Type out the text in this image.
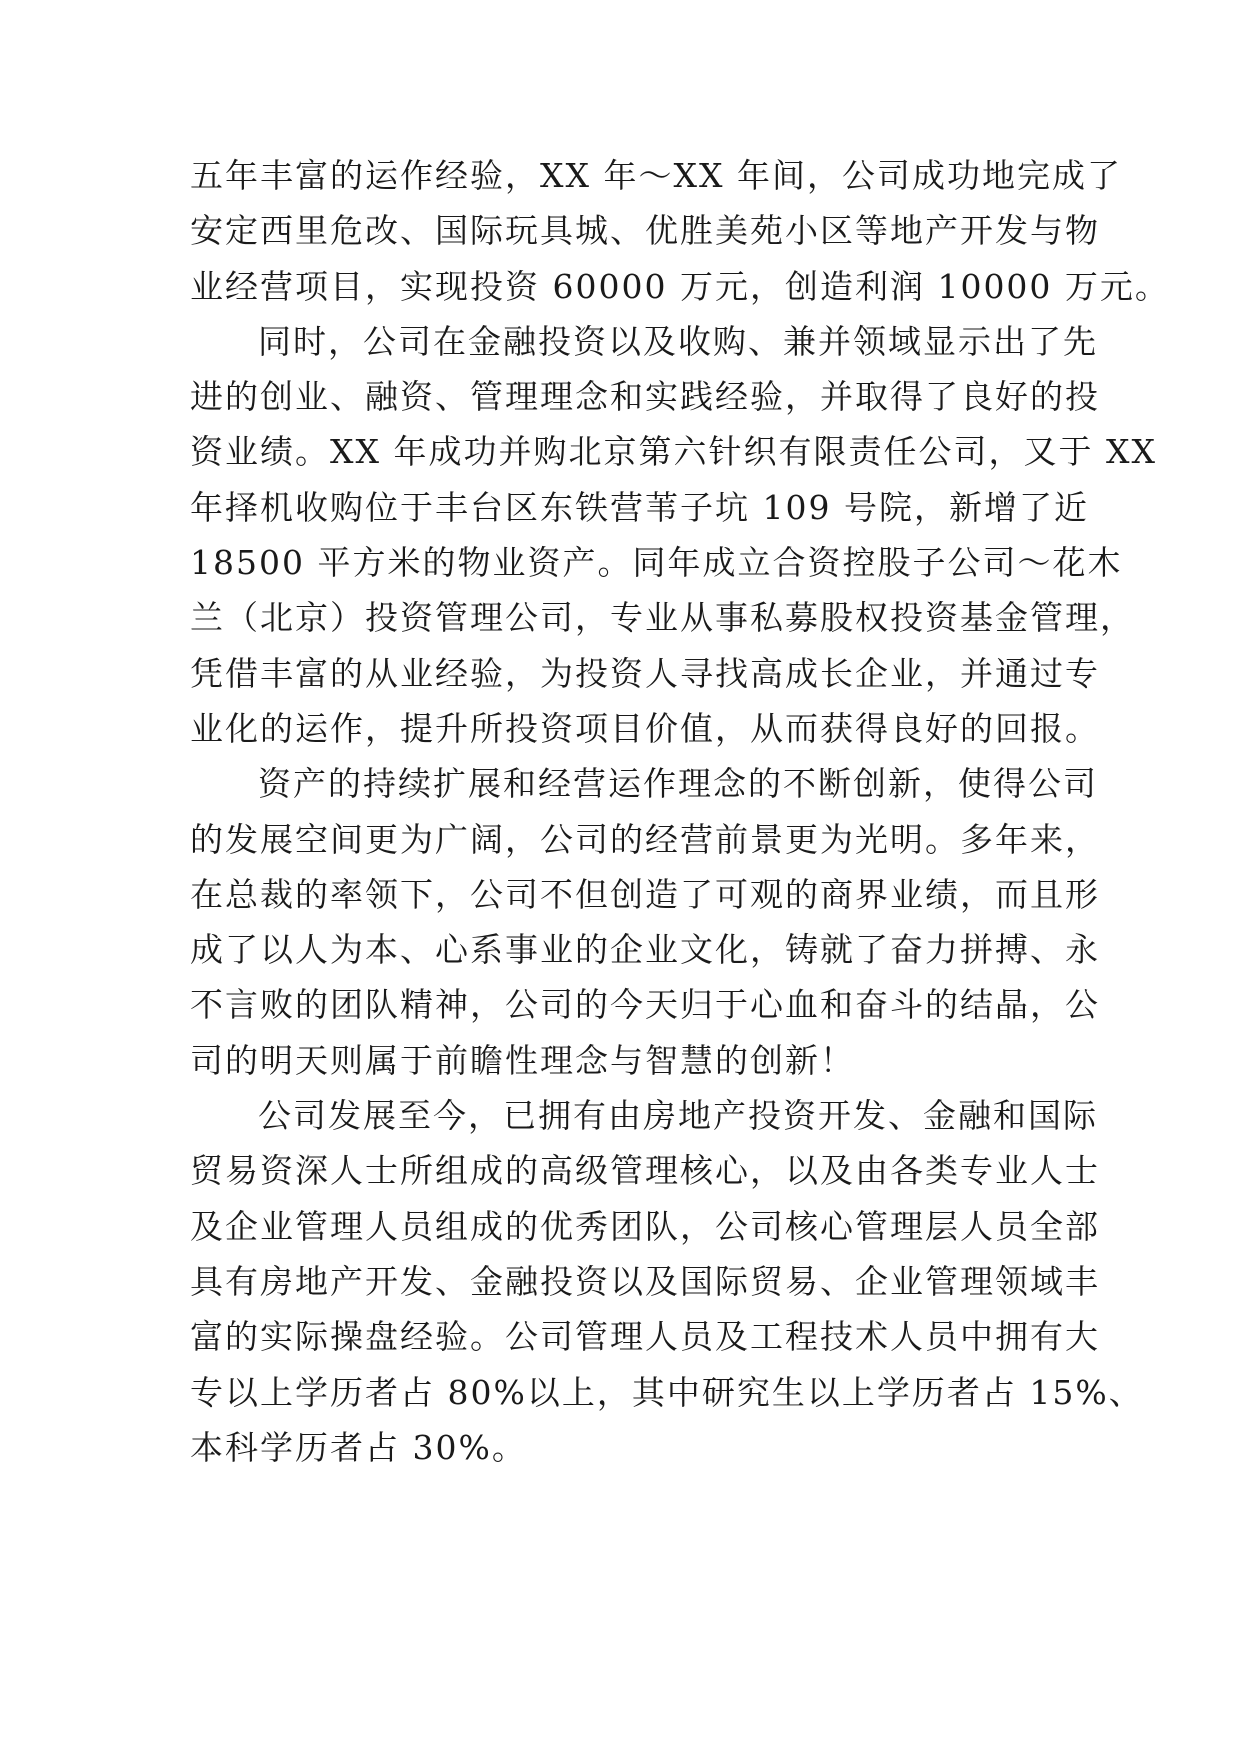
五年丰富的运作经验，XX 年～XX 年间，公司成功地完成了
安定西里危改、国际玩具城、优胜美苑小区等地产开发与物
业经营项目，实现投资 60000 万元，创造利润 10000 万元。
同时，公司在金融投资以及收购、兼并领域显示出了先
进的创业、融资、管理理念和实践经验，并取得了良好的投
资业绩。XX 年成功并购北京第六针织有限责任公司，又于 XX
年择机收购位于丰台区东铁营苇子坑 109 号院，新增了近
18500 平方米的物业资产。同年成立合资控股子公司～花木
兰（北京）投资管理公司，专业从事私募股权投资基金管理，
凭借丰富的从业经验，为投资人寻找高成长企业，并通过专
业化的运作，提升所投资项目价值，从而获得良好的回报。
资产的持续扩展和经营运作理念的不断创新，使得公司
的发展空间更为广阔，公司的经营前景更为光明。多年来，
在总裁的率领下，公司不但创造了可观的商界业绩，而且形
成了以人为本、心系事业的企业文化，铸就了奋力拼搏、永
不言败的团队精神，公司的今天归于心血和奋斗的结晶，公
司的明天则属于前瞻性理念与智慧的创新！
公司发展至今，已拥有由房地产投资开发、金融和国际
贸易资深人士所组成的高级管理核心，以及由各类专业人士
及企业管理人员组成的优秀团队，公司核心管理层人员全部
具有房地产开发、金融投资以及国际贸易、企业管理领域丰
富的实际操盘经验。公司管理人员及工程技术人员中拥有大
专以上学历者占 80%以上，其中研究生以上学历者占 15%、
本科学历者占 30%。
